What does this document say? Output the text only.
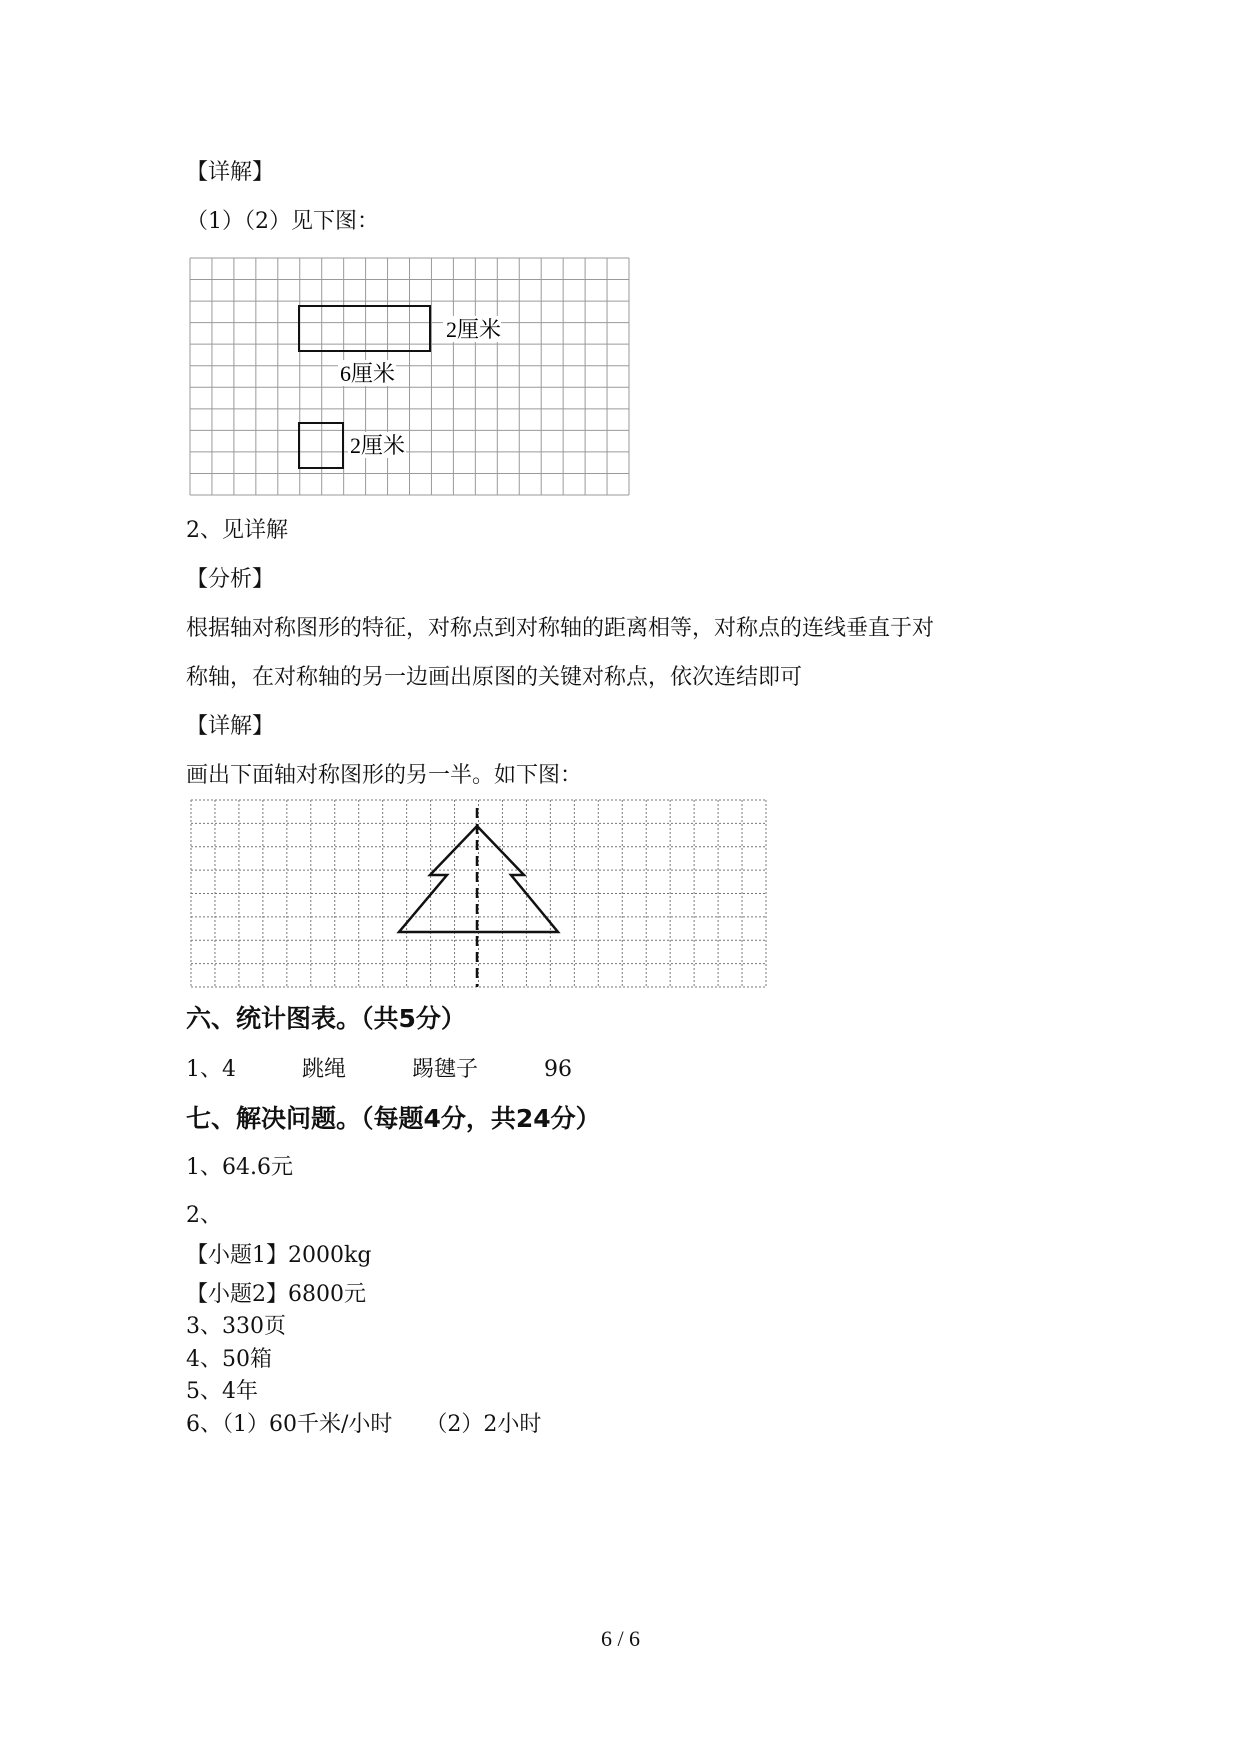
【详解】
（1）（2）见下图：
2厘米
6厘米
2厘米
2、见详解
【分析】
根据轴对称图形的特征，对称点到对称轴的距离相等，对称点的连线垂直于对
称轴，在对称轴的另一边画出原图的关键对称点，依次连结即可
【详解】
画出下面轴对称图形的另一半。如下图：
六、统计图表。（共5分）
1、4　　　跳绳　　　踢毽子　　　96
七、解决问题。（每题4分，共24分）
1、64.6元
2、
【小题1】2000kg
【小题2】6800元
3、330页
4、50箱
5、4年
6、（1）60千米/小时　　（2）2小时
6 / 6
